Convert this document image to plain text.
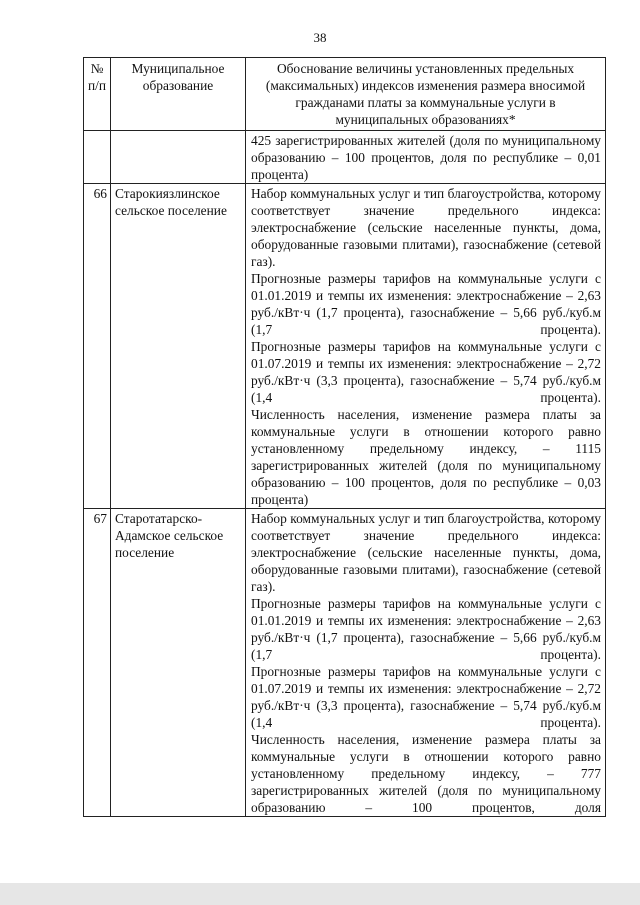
38
№ п/п	Муниципальное образование	Обоснование величины установленных предельных (максимальных) индексов изменения размера вносимой гражданами платы за коммунальные услуги в муниципальных образованиях*

		425 зарегистрированных жителей (доля по муниципальному образованию – 100 процентов, доля по республике – 0,01 процента)

66	Старокиязлинское сельское поселение	Набор коммунальных услуг и тип благоустройства, которому соответствует значение предельного индекса: электроснабжение (сельские населенные пункты, дома, оборудованные газовыми плитами), газоснабжение (сетевой газ).

Прогнозные размеры тарифов на коммунальные услуги с 01.01.2019 и темпы их изменения: электроснабжение – 2,63 руб./кВт·ч (1,7 процента), газоснабжение – 5,66 руб./куб.м (1,7 процента).

Прогнозные размеры тарифов на коммунальные услуги с 01.07.2019 и темпы их изменения: электроснабжение – 2,72 руб./кВт·ч (3,3 процента), газоснабжение – 5,74 руб./куб.м (1,4 процента).

Численность населения, изменение размера платы за коммунальные услуги в отношении которого равно установленному предельному индексу, – 1115 зарегистрированных жителей (доля по муниципальному образованию – 100 процентов, доля по республике – 0,03 процента)

67	Старотатарско-Адамское сельское поселение	Набор коммунальных услуг и тип благоустройства, которому соответствует значение предельного индекса: электроснабжение (сельские населенные пункты, дома, оборудованные газовыми плитами), газоснабжение (сетевой газ).

Прогнозные размеры тарифов на коммунальные услуги с 01.01.2019 и темпы их изменения: электроснабжение – 2,63 руб./кВт·ч (1,7 процента), газоснабжение – 5,66 руб./куб.м (1,7 процента).

Прогнозные размеры тарифов на коммунальные услуги с 01.07.2019 и темпы их изменения: электроснабжение – 2,72 руб./кВт·ч (3,3 процента), газоснабжение – 5,74 руб./куб.м (1,4 процента).

Численность населения, изменение размера платы за коммунальные услуги в отношении которого равно установленному предельному индексу, – 777 зарегистрированных жителей (доля по муниципальному образованию – 100 процентов, доля
